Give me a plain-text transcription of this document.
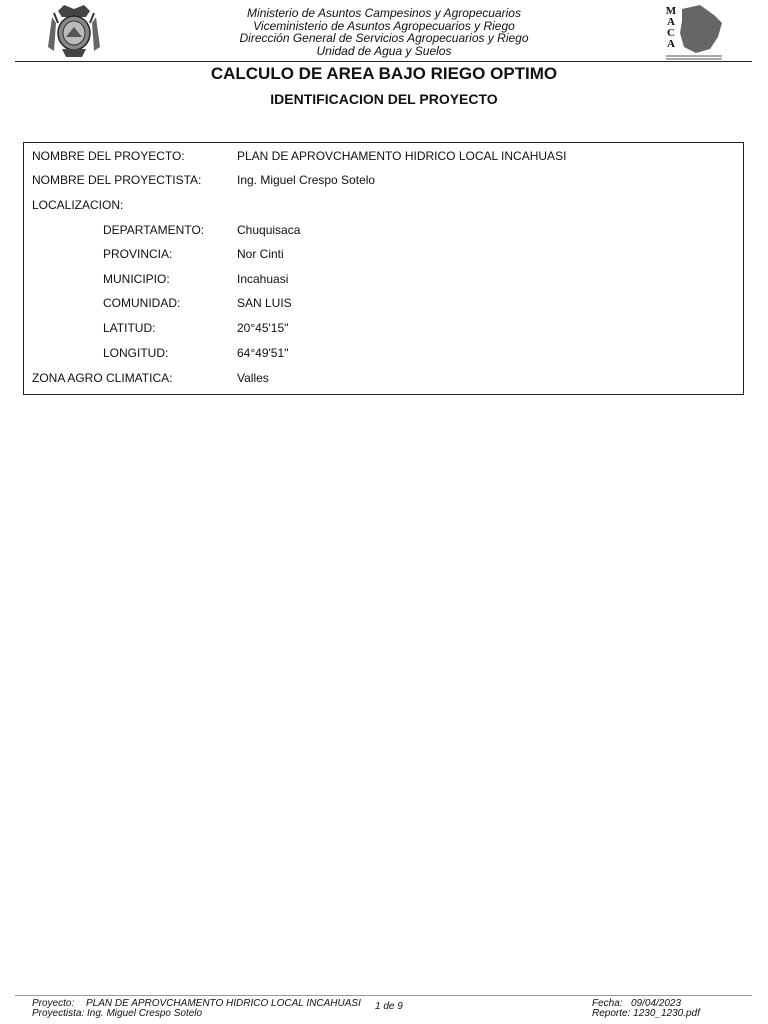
Ministerio de Asuntos Campesinos y Agropecuarios
Viceministerio de Asuntos Agropecuarios y Riego
Dirección General de Servicios Agropecuarios y Riego
Unidad de Agua y Suelos
M
A
C
A
CALCULO DE AREA BAJO RIEGO OPTIMO
IDENTIFICACION DEL PROYECTO
NOMBRE DEL PROYECTO:	PLAN DE APROVCHAMENTO HIDRICO LOCAL INCAHUASI
NOMBRE DEL PROYECTISTA:	Ing. Miguel Crespo Sotelo
LOCALIZACION:
DEPARTAMENTO:	Chuquisaca
PROVINCIA:	Nor Cinti
MUNICIPIO:	Incahuasi
COMUNIDAD:	SAN LUIS
LATITUD:	20°45'15''
LONGITUD:	64°49'51''
ZONA AGRO CLIMATICA:	Valles
Proyecto: PLAN DE APROVCHAMENTO HIDRICO LOCAL INCAHUASI
Proyectista: Ing. Miguel Crespo Sotelo
1 de 9	Fecha: 09/04/2023
Reporte: 1230_1230.pdf
